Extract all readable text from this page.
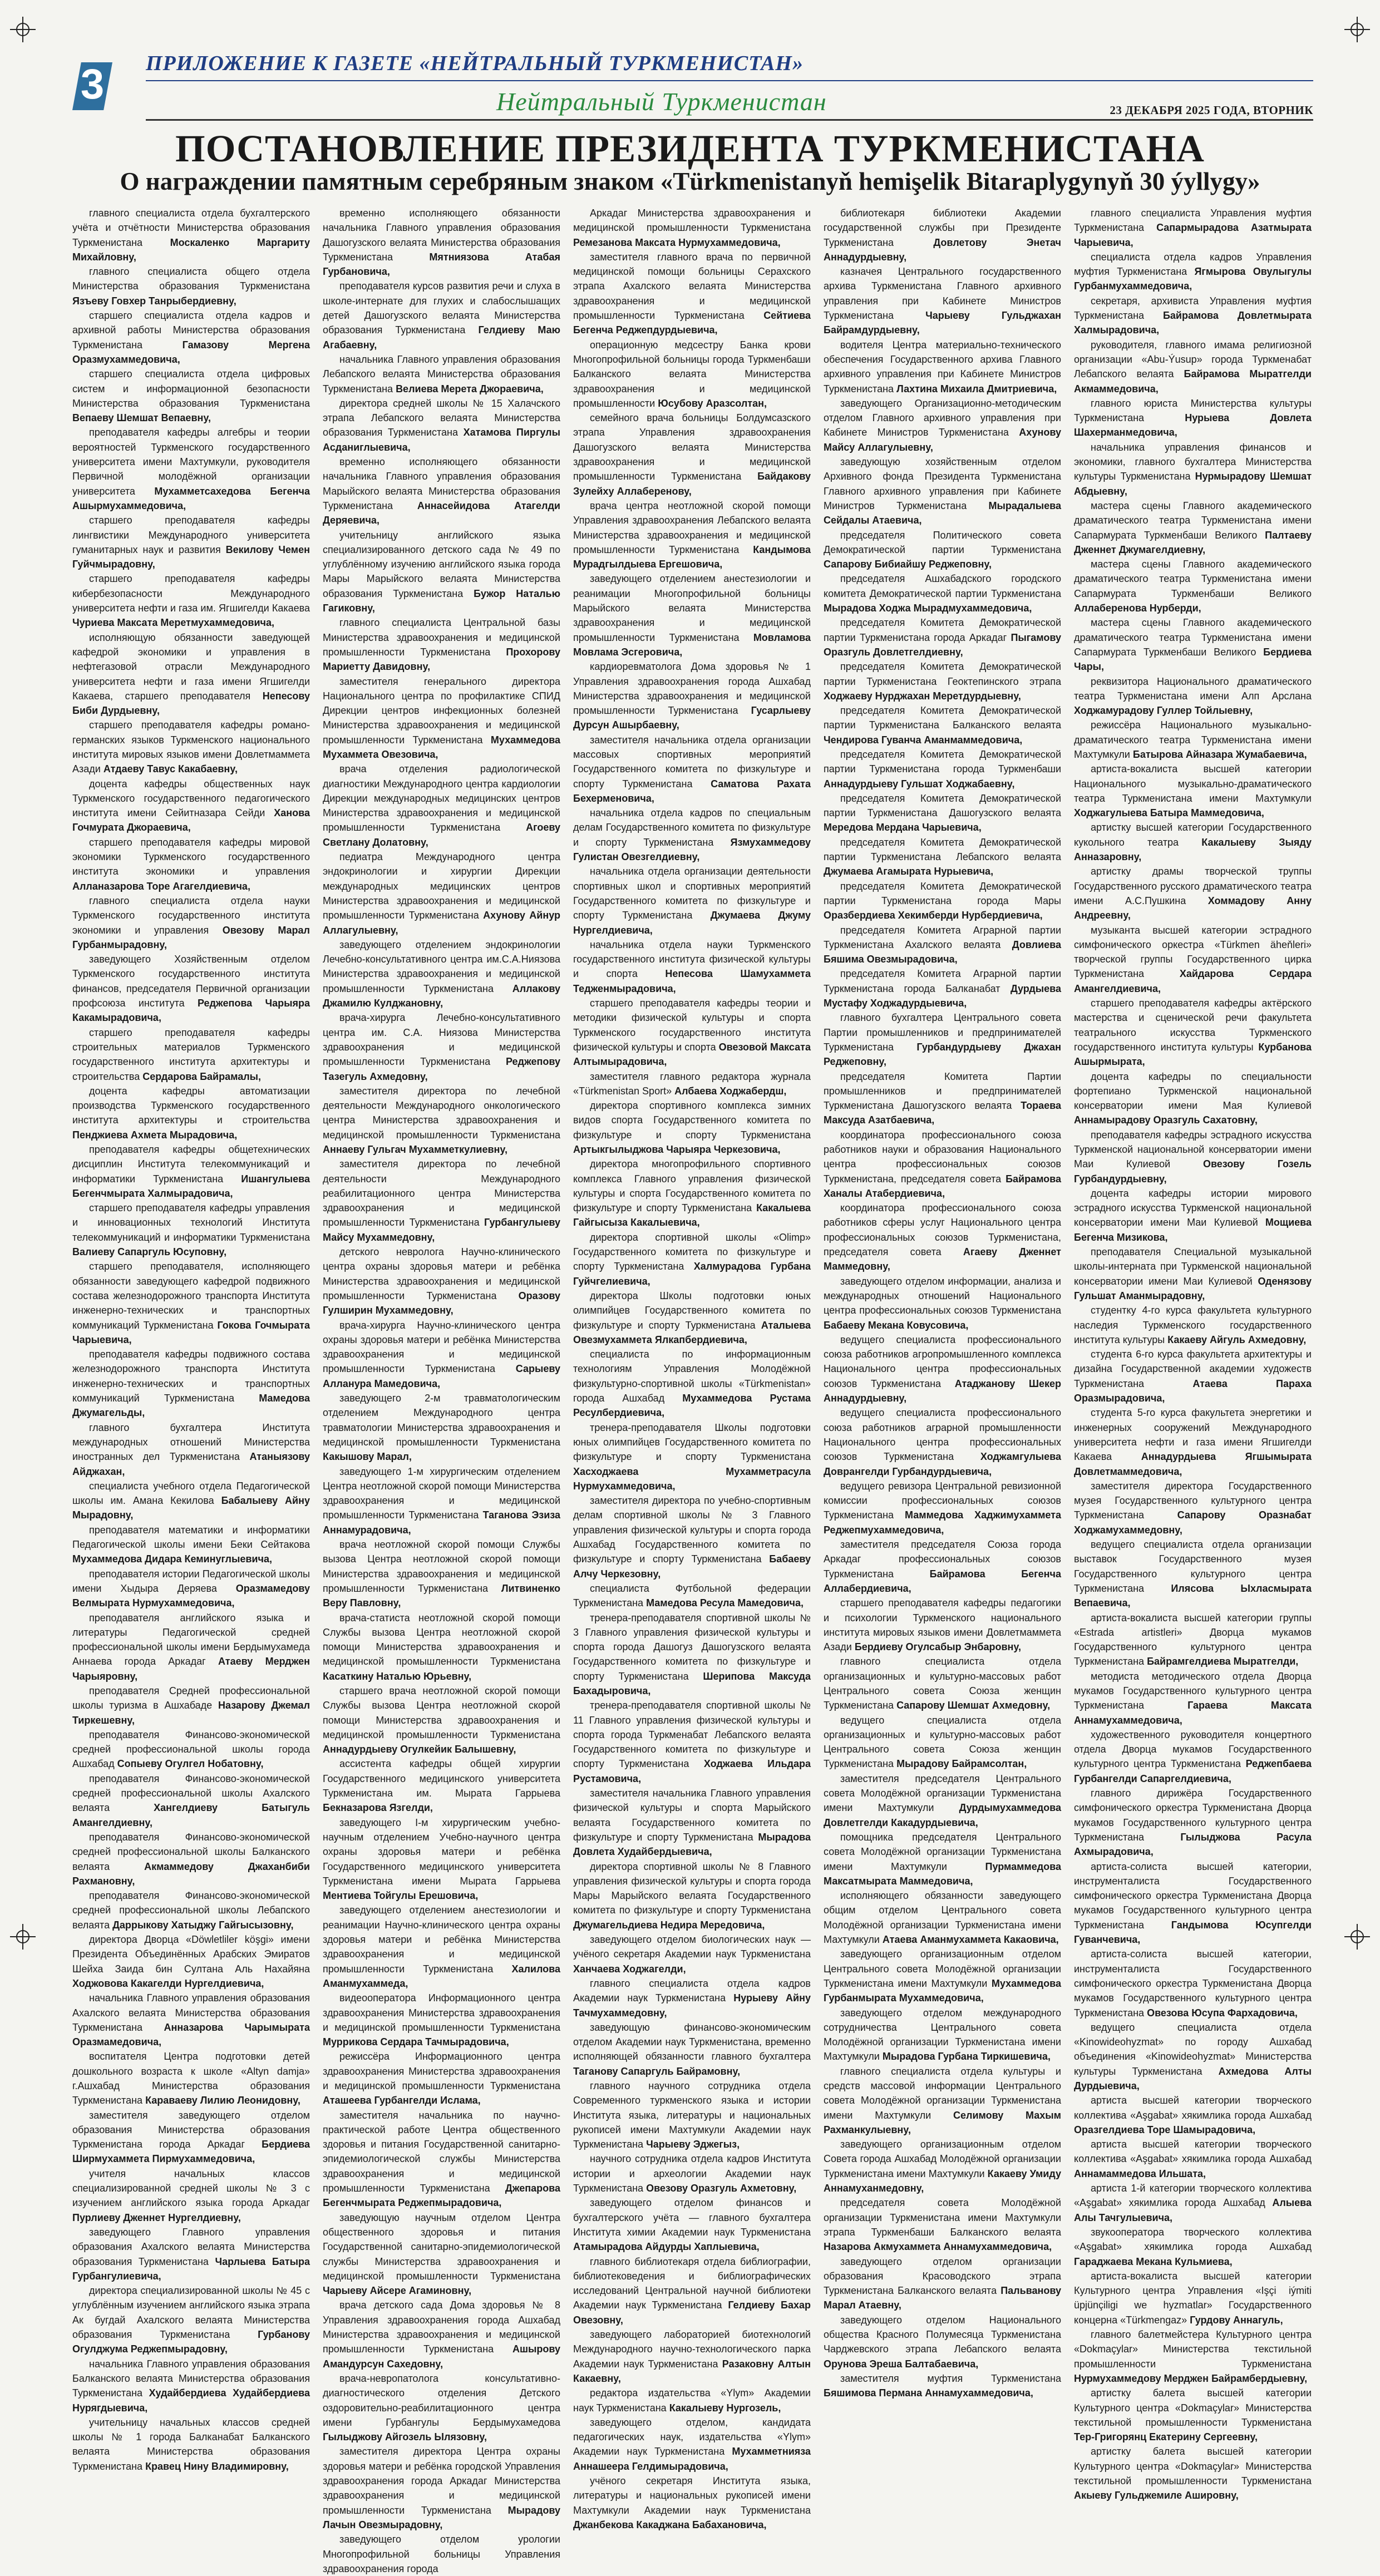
3	ПРИЛОЖЕНИЕ К ГАЗЕТЕ «НЕЙТРАЛЬНЫЙ ТУРКМЕНИСТАН»
Нейтральный Туркменистан	23 ДЕКАБРЯ 2025 ГОДА, ВТОРНИК
ПОСТАНОВЛЕНИЕ ПРЕЗИДЕНТА ТУРКМЕНИСТАНА
О награждении памятным серебряным знаком «Türkmenistanyň hemişelik Bitaraplygynyň 30 ýyllygy»

главного специалиста отдела бухгалтерского учёта и отчётности Министерства образования Туркменистана Москаленко Маргариту Михайловну,

главного специалиста общего отдела Министерства образования Туркменистана Язъеву Говхер Танрыбердиевну,

старшего специалиста отдела кадров и архивной работы Министерства образования Туркменистана Гамазову Мергена Оразмухаммедовича,

старшего специалиста отдела цифровых систем и информационной безопасности Министерства образования Туркменистана Вепаеву Шемшат Вепаевну,

преподавателя кафедры алгебры и теории вероятностей Туркменского государственного университета имени Махтумкули, руководителя Первичной молодёжной организации университета Мухамметсахедова Бегенча Ашырмухаммедовича,

старшего преподавателя кафедры лингвистики Международного университета гуманитарных наук и развития Векилову Чемен Гуйчмырадовну,

старшего преподавателя кафедры кибербезопасности Международного университета нефти и газа им. Ягшигелди Какаева Чуриева Максата Меретмухаммедовича,

исполняющую обязанности заведующей кафедрой экономики и управления в нефтегазовой отрасли Международного университета нефти и газа имени Ягшигелди Какаева, старшего преподавателя Непесову Биби Дурдыевну,

старшего преподавателя кафедры романо-германских языков Туркменского национального института мировых языков имени Довлетмаммета Азади Атдаеву Тавус Какабаевну,

доцента кафедры общественных наук Туркменского государственного педагогического института имени Сейитназара Сейди Ханова Гочмурата Джораевича,

старшего преподавателя кафедры мировой экономики Туркменского государственного института экономики и управления Алланазарова Торе Агагелдиевича,

главного специалиста отдела науки Туркменского государственного института экономики и управления Овезову Марал Гурбанмырадовну,

заведующего Хозяйственным отделом Туркменского государственного института финансов, председателя Первичной организации профсоюза института Реджепова Чарыяра Какамырадовича,

старшего преподавателя кафедры строительных материалов Туркменского государственного института архитектуры и строительства Сердарова Байрамалы,

доцента кафедры автоматизации производства Туркменского государственного института архитектуры и строительства Пенджиева Ахмета Мырадовича,

преподавателя кафедры общетехнических дисциплин Института телекоммуникаций и информатики Туркменистана Ишангулыева Бегенчмырата Халмырадовича,

старшего преподавателя кафедры управления и инновационных технологий Института телекоммуникаций и информатики Туркменистана Валиеву Сапаргуль Юсуповну,

старшего преподавателя, исполняющего обязанности заведующего кафедрой подвижного состава железнодорожного транспорта Института инженерно-технических и транспортных коммуникаций Туркменистана Гокова Гочмырата Чарыевича,

преподавателя кафедры подвижного состава железнодорожного транспорта Института инженерно-технических и транспортных коммуникаций Туркменистана Мамедова Джумагельды,

главного бухгалтера Института международных отношений Министерства иностранных дел Туркменистана Атаныязову Айджахан,

специалиста учебного отдела Педагогической школы им. Амана Кекилова Бабалыеву Айну Мырадовну,

преподавателя математики и информатики Педагогической школы имени Беки Сейтакова Мухаммедова Дидара Кеминуглыевича,

преподавателя истории Педагогической школы имени Хыдыра Деряева Оразмамедову Велмырата Нурмухаммедовича,

преподавателя английского языка и литературы Педагогической средней профессиональной школы имени Бердымухамеда Аннаева города Аркадаг Атаеву Мерджен Чарыяровну,

преподавателя Средней профессиональной школы туризма в Ашхабаде Назарову Джемал Тиркешевну,

преподавателя Финансово-экономической средней профессиональной школы города Ашхабад Сопыеву Огулгел Нобатовну,

преподавателя Финансово-экономической средней профессиональной школы Ахалского велаята Хангелдиеву Батыгуль Амангелдиевну,

преподавателя Финансово-экономической средней профессиональной школы Балканского велаята Акмаммедову Джаханбиби Рахмановну,

преподавателя Финансово-экономической средней профессиональной школы Лебапского велаята Даррыкову Хатыджу Гайгысызовну,

директора Дворца «Döwletliler köşgi» имени Президента Объединённых Арабских Эмиратов Шейха Заида бин Султана Аль Нахайяна Ходжовова Какагелди Нургелдиевича,

начальника Главного управления образования Ахалского велаята Министерства образования Туркменистана Анназарова Чарымырата Оразмамедовича,

воспитателя Центра подготовки детей дошкольного возраста к школе «Altyn damja» г.Ашхабад Министерства образования Туркменистана Караваеву Лилию Леонидовну,

заместителя заведующего отделом образования Министерства образования Туркменистана города Аркадаг Бердиева Ширмухаммета Пирмухаммедовича,

учителя начальных классов специализированной средней школы № 3 с изучением английского языка города Аркадаг Пурлиеву Дженнет Нургелдиевну,

заведующего Главного управления образования Ахалского велаята Министерства образования Туркменистана Чарлыева Батыра Гурбангулиевича,

директора специализированной школы № 45 с углублённым изучением английского языка этрапа Ак бугдай Ахалского велаята Министерства образования Туркменистана Гурбанову Огулджума Реджепмырадовну,

начальника Главного управления образования Балканского велаята Министерства образования Туркменистана Худайбердиева Худайбердиева Нурягдыевича,

учительницу начальных классов средней школы № 1 города Балканабат Балканского велаята Министерства образования Туркменистана Кравец Нину Владимировну,

временно исполняющего обязанности начальника Главного управления образования Дашогузского велаята Министерства образования Туркменистана Мятниязова Атабая Гурбановича,

преподавателя курсов развития речи и слуха в школе-интернате для глухих и слабослышащих детей Дашогузского велаята Министерства образования Туркменистана Гелдиеву Маю Агабаевну,

начальника Главного управления образования Лебапского велаята Министерства образования Туркменистана Велиева Мерета Джораевича,

директора средней школы № 15 Халачского этрапа Лебапского велаята Министерства образования Туркменистана Хатамова Пиргулы Асданиглыевича,

временно исполняющего обязанности начальника Главного управления образования Марыйского велаята Министерства образования Туркменистана Аннасейидова Атагелди Деряевича,

учительницу английского языка специализированного детского сада № 49 по углублённому изучению английского языка города Мары Марыйского велаята Министерства образования Туркменистана Бужор Наталью Гагиковну,

главного специалиста Центральной базы Министерства здравоохранения и медицинской промышленности Туркменистана Прохорову Мариетту Давидовну,

заместителя генерального директора Национального центра по профилактике СПИД Дирекции центров инфекционных болезней Министерства здравоохранения и медицинской промышленности Туркменистана Мухаммедова Мухаммета Овезовича,

врача отделения радиологической диагностики Международного центра кардиологии Дирекции международных медицинских центров Министерства здравоохранения и медицинской промышленности Туркменистана Агоеву Светлану Долатовну,

педиатра Международного центра эндокринологии и хирургии Дирекции международных медицинских центров Министерства здравоохранения и медицинской промышленности Туркменистана Ахунову Айнур Аллагулыевну,

заведующего отделением эндокринологии Лечебно-консультативного центра им.С.А.Ниязова Министерства здравоохранения и медицинской промышленности Туркменистана Аллакову Джамилю Кулджановну,

врача-хирурга Лечебно-консультативного центра им. С.А. Ниязова Министерства здравоохранения и медицинской промышленности Туркменистана Реджепову Тазегуль Ахмедовну,

заместителя директора по лечебной деятельности Международного онкологического центра Министерства здравоохранения и медицинской промышленности Туркменистана Аннаеву Гульгач Мухамметкулиевну,

заместителя директора по лечебной деятельности Международного реабилитационного центра Министерства здравоохранения и медицинской промышленности Туркменистана Гурбангулыеву Майсу Мухаммедовну,

детского невролога Научно-клинического центра охраны здоровья матери и ребёнка Министерства здравоохранения и медицинской промышленности Туркменистана Оразову Гулширин Мухаммедовну,

врача-хирурга Научно-клинического центра охраны здоровья матери и ребёнка Министерства здравоохранения и медицинской промышленности Туркменистана Сарыеву Алланура Мамедовича,

заведующего 2-м травматологическим отделением Международного центра травматологии Министерства здравоохранения и медицинской промышленности Туркменистана Какышову Марал,

заведующего 1-м хирургическим отделением Центра неотложной скорой помощи Министерства здравоохранения и медицинской промышленности Туркменистана Таганова Эзиза Аннамурадовича,

врача неотложной скорой помощи Службы вызова Центра неотложной скорой помощи Министерства здравоохранения и медицинской промышленности Туркменистана Литвиненко Веру Павловну,

врача-статиста неотложной скорой помощи Службы вызова Центра неотложной скорой помощи Министерства здравоохранения и медицинской промышленности Туркменистана Касаткину Наталью Юрьевну,

старшего врача неотложной скорой помощи Службы вызова Центра неотложной скорой помощи Министерства здравоохранения и медицинской промышленности Туркменистана Аннадурдыеву Огулкейик Балышевну,

ассистента кафедры общей хирургии Государственного медицинского университета Туркменистана им. Мырата Гаррыева Бекназарова Язгелди,

заведующего I-м хирургическим учебно-научным отделением Учебно-научного центра охраны здоровья матери и ребёнка Государственного медицинского университета Туркменистана имени Мырата Гаррыева Ментиева Тойгулы Ерешовича,

заведующего отделением анестезиологии и реанимации Научно-клинического центра охраны здоровья матери и ребёнка Министерства здравоохранения и медицинской промышленности Туркменистана Халилова Аманмухаммеда,

видеооператора Информационного центра здравоохранения Министерства здравоохранения и медицинской промышленности Туркменистана Муррикова Сердара Тачмырадовича,

режиссёра Информационного центра здравоохранения Министерства здравоохранения и медицинской промышленности Туркменистана Аташеева Гурбангелди Ислама,

заместителя начальника по научно-практической работе Центра общественного здоровья и питания Государственной санитарно-эпидемиологической службы Министерства здравоохранения и медицинской промышленности Туркменистана Джепарова Бегенчмырата Реджепмырадовича,

заведующую научным отделом Центра общественного здоровья и питания Государственной санитарно-эпидемиологической службы Министерства здравоохранения и медицинской промышленности Туркменистана Чарыеву Айсере Агаминовну,

врача детского сада Дома здоровья № 8 Управления здравоохранения города Ашхабад Министерства здравоохранения и медицинской промышленности Туркменистана Ашырову Амандурсун Сахедовну,

врача-невропатолога консультативно-диагностического отделения Детского оздоровительно-реабилитационного центра имени Гурбангулы Бердымухамедова Гылыджову Айгозель Ылязовну,

заместителя директора Центра охраны здоровья матери и ребёнка городской Управления здравоохранения города Аркадаг Министерства здравоохранения и медицинской промышленности Туркменистана Мырадову Лачын Овезмырадовну,

заведующего отделом урологии Многопрофильной больницы Управления здравоохранения города

Аркадаг Министерства здравоохранения и медицинской промышленности Туркменистана Ремезанова Максата Нурмухаммедовича,

заместителя главного врача по первичной медицинской помощи больницы Серахского этрапа Ахалского велаята Министерства здравоохранения и медицинской промышленности Туркменистана Сейтиева Бегенча Реджепдурдыевича,

операционную медсестру Банка крови Многопрофильной больницы города Туркменбаши Балканского велаята Министерства здравоохранения и медицинской промышленности Юсубову Аразсолтан,

семейного врача больницы Болдумсазского этрапа Управления здравоохранения Дашогузского велаята Министерства здравоохранения и медицинской промышленности Туркменистана Байдакову Зулейху Аллаберенову,

врача центра неотложной скорой помощи Управления здравоохранения Лебапского велаята Министерства здравоохранения и медицинской промышленности Туркменистана Кандымова Мурадгылдыева Ергешовича,

заведующего отделением анестезиологии и реанимации Многопрофильной больницы Марыйского велаята Министерства здравоохранения и медицинской промышленности Туркменистана Мовламова Мовлама Эсгеровича,

кардиоревматолога Дома здоровья № 1 Управления здравоохранения города Ашхабад Министерства здравоохранения и медицинской промышленности Туркменистана Гусарлыеву Дурсун Ашырбаевну,

заместителя начальника отдела организации массовых спортивных мероприятий Государственного комитета по физкультуре и спорту Туркменистана Саматова Рахата Бехерменовича,

начальника отдела кадров по специальным делам Государственного комитета по физкультуре и спорту Туркменистана Язмухаммедову Гулистан Овезгелдиевну,

начальника отдела организации деятельности спортивных школ и спортивных мероприятий Государственного комитета по физкультуре и спорту Туркменистана Джумаева Джуму Нургелдиевича,

начальника отдела науки Туркменского государственного института физической культуры и спорта Непесова Шамухаммета Тедженмырадовича,

старшего преподавателя кафедры теории и методики физической культуры и спорта Туркменского государственного института физической культуры и спорта Овезовой Максата Алтымырадовича,

заместителя главного редактора журнала «Türkmenistan Sport» Албаева Ходжабердш,

директора спортивного комплекса зимних видов спорта Государственного комитета по физкультуре и спорту Туркменистана Артыкгылыджова Чарыяра Черкезовича,

директора многопрофильного спортивного комплекса Главного управления физической культуры и спорта Государственного комитета по физкультуре и спорту Туркменистана Какалыева Гайгысыза Какалыевича,

директора спортивной школы «Olimp» Государственного комитета по физкультуре и спорту Туркменистана Халмурадова Гурбана Гуйчгелиевича,

директора Школы подготовки юных олимпийцев Государственного комитета по физкультуре и спорту Туркменистана Аталыева Овезмухаммета Ялкапбердиевича,

специалиста по информационным технологиям Управления Молодёжной физкультурно-спортивной школы «Türkmenistan» города Ашхабад Мухаммедова Рустама Ресулбердиевича,

тренера-преподавателя Школы подготовки юных олимпийцев Государственного комитета по физкультуре и спорту Туркменистана Хасходжаева Мухамметрасула Нурмухаммедовича,

заместителя директора по учебно-спортивным делам спортивной школы № 3 Главного управления физической культуры и спорта города Ашхабад Государственного комитета по физкультуре и спорту Туркменистана Бабаеву Алчу Черкезовну,

специалиста Футбольной федерации Туркменистана Мамедова Ресула Мамедовича,

тренера-преподавателя спортивной школы № 3 Главного управления физической культуры и спорта города Дашогуз Дашогузского велаята Государственного комитета по физкультуре и спорту Туркменистана Шерипова Максуда Бахадыровича,

тренера-преподавателя спортивной школы № 11 Главного управления физической культуры и спорта города Туркменабат Лебапского велаята Государственного комитета по физкультуре и спорту Туркменистана Ходжаева Ильдара Рустамовича,

заместителя начальника Главного управления физической культуры и спорта Марыйского велаята Государственного комитета по физкультуре и спорту Туркменистана Мырадова Довлета Худайбердыевича,

директора спортивной школы № 8 Главного управления физической культуры и спорта города Мары Марыйского велаята Государственного комитета по физкультуре и спорту Туркменистана Джумагельдиева Недира Мередовича,

заведующего отделом биологических наук — учёного секретаря Академии наук Туркменистана Ханчаева Ходжагелди,

главного специалиста отдела кадров Академии наук Туркменистана Нурыеву Айну Тачмухаммедовну,

заведующую финансово-экономическим отделом Академии наук Туркменистана, временно исполняющей обязанности главного бухгалтера Таганову Сапаргуль Байрамовну,

главного научного сотрудника отдела Современного туркменского языка и истории Института языка, литературы и национальных рукописей имени Махтумкули Академии наук Туркменистана Чарыеву Эджегыз,

научного сотрудника отдела кадров Института истории и археологии Академии наук Туркменистана Овезову Оразгуль Ахметовну,

заведующего отделом финансов и бухгалтерского учёта — главного бухгалтера Института химии Академии наук Туркменистана Атамырадова Айдурды Хаплыевича,

главного библиотекаря отдела библиографии, библиотековедения и библиографических исследований Центральной научной библиотеки Академии наук Туркменистана Гелдиеву Бахар Овезовну,

заведующего лабораторией биотехнологий Международного научно-технологического парка Академии наук Туркменистана Разаковну Алтын Какаевну,

редактора издательства «Ylym» Академии наук Туркменистана Какалыеву Нургозель,

заведующего отделом, кандидата педагогических наук, издательства «Ylym» Академии наук Туркменистана Мухамметнияза Аннашеера Гелдимырадовича,

учёного секретаря Института языка, литературы и национальных рукописей имени Махтумкули Академии наук Туркменистана Джанбекова Какаджана Бабахановича,

библиотекаря библиотеки Академии государственной службы при Президенте Туркменистана Довлетову Энетач Аннадурдыевну,

казначея Центрального государственного архива Туркменистана Главного архивного управления при Кабинете Министров Туркменистана Чарыеву Гульджахан Байрамдурдыевну,

водителя Центра материально-технического обеспечения Государственного архива Главного архивного управления при Кабинете Министров Туркменистана Лахтина Михаила Дмитриевича,

заведующего Организационно-методическим отделом Главного архивного управления при Кабинете Министров Туркменистана Ахунову Майсу Аллагулыевну,

заведующую хозяйственным отделом Архивного фонда Президента Туркменистана Главного архивного управления при Кабинете Министров Туркменистана Мырадалыева Сейдалы Атаевича,

председателя Политического совета Демократической партии Туркменистана Сапарову Бибиайшу Реджеповну,

председателя Ашхабадского городского комитета Демократической партии Туркменистана Мырадова Ходжа Мырадмухаммедовича,

председателя Комитета Демократической партии Туркменистана города Аркадаг Пыгамову Оразгуль Довлетгелдиевну,

председателя Комитета Демократической партии Туркменистана Геоктепинского этрапа Ходжаеву Нурджахан Меретдурдыевну,

председателя Комитета Демократической партии Туркменистана Балканского велаята Чендирова Гуванча Аманмаммедовича,

председателя Комитета Демократической партии Туркменистана города Туркменбаши Аннадурдыеву Гульшат Ходжабаевну,

председателя Комитета Демократической партии Туркменистана Дашогузского велаята Мередова Мердана Чарыевича,

председателя Комитета Демократической партии Туркменистана Лебапского велаята Джумаева Агамырата Нурыевича,

председателя Комитета Демократической партии Туркменистана города Мары Оразбердиева Хекимберди Нурбердиевича,

председателя Комитета Аграрной партии Туркменистана Ахалского велаята Довлиева Бяшима Овезмырадовича,

председателя Комитета Аграрной партии Туркменистана города Балканабат Дурдыева Мустафу Ходжадурдыевича,

главного бухгалтера Центрального совета Партии промышленников и предпринимателей Туркменистана Гурбандурдыеву Джахан Реджеповну,

председателя Комитета Партии промышленников и предпринимателей Туркменистана Дашогузского велаята Тораева Максуда Азатбаевича,

координатора профессионального союза работников науки и образования Национального центра профессиональных союзов Туркменистана, председателя совета Байрамова Ханалы Атабердиевича,

координатора профессионального союза работников сферы услуг Национального центра профессиональных союзов Туркменистана, председателя совета Агаеву Дженнет Маммедовну,

заведующего отделом информации, анализа и международных отношений Национального центра профессиональных союзов Туркменистана Бабаеву Мекана Ковусовича,

ведущего специалиста профессионального союза работников агропромышленного комплекса Национального центра профессиональных союзов Туркменистана Атаджанову Шекер Аннадурдыевну,

ведущего специалиста профессионального союза работников аграрной промышленности Национального центра профессиональных союзов Туркменистана Ходжамгулыева Доврангелди Гурбандурдыевича,

ведущего ревизора Центральной ревизионной комиссии профессиональных союзов Туркменистана Маммедова Хаджимухаммета Реджепмухаммедовича,

заместителя председателя Союза города Аркадаг профессиональных союзов Туркменистана Байрамова Бегенча Аллабердиевича,

старшего преподавателя кафедры педагогики и психологии Туркменского национального института мировых языков имени Довлетмаммета Азади Бердиеву Огулсабыр Энбаровну,

главного специалиста отдела организационных и культурно-массовых работ Центрального совета Союза женщин Туркменистана Сапарову Шемшат Ахмедовну,

ведущего специалиста отдела организационных и культурно-массовых работ Центрального совета Союза женщин Туркменистана Мырадову Байрамсолтан,

заместителя председателя Центрального совета Молодёжной организации Туркменистана имени Махтумкули Дурдымухаммедова Довлетгелди Какадурдыевича,

помощника председателя Центрального совета Молодёжной организации Туркменистана имени Махтумкули Пурмаммедова Максатмырата Маммедовича,

исполняющего обязанности заведующего общим отделом Центрального совета Молодёжной организации Туркменистана имени Махтумкули Атаева Аманмухаммета Какаовича,

заведующего организационным отделом Центрального совета Молодёжной организации Туркменистана имени Махтумкули Мухаммедова Гурбанмырата Мухаммедовича,

заведующего отделом международного сотрудничества Центрального совета Молодёжной организации Туркменистана имени Махтумкули Мырадова Гурбана Тиркишевича,

главного специалиста отдела культуры и средств массовой информации Центрального совета Молодёжной организации Туркменистана имени Махтумкули Селимову Махым Рахманкулыевну,

заведующего организационным отделом Совета города Ашхабад Молодёжной организации Туркменистана имени Махтумкули Какаеву Умиду Аннамуханмедовну,

председателя совета Молодёжной организации Туркменистана имени Махтумкули этрапа Туркменбаши Балканского велаята Назарова Акмухаммета Аннамухаммедовича,

заведующего отделом организации образования Красоводского этрапа Туркменистана Балканского велаята Пальванову Марал Атаевну,

заведующего отделом Национального общества Красного Полумесяца Туркменистана Чарджевского этрапа Лебапского велаята Орунова Эреша Балтабаевича,

заместителя муфтия Туркменистана Бяшимова Пермана Аннамухаммедовича,

главного специалиста Управления муфтия Туркменистана Сапармырадова Азатмырата Чарыевича,

специалиста отдела кадров Управления муфтия Туркменистана Ягмырова Овулыгулы Гурбанмухаммедовича,

секретаря, архивиста Управления муфтия Туркменистана Байрамова Довлетмырата Халмырадовича,

руководителя, главного имама религиозной организации «Abu-Ýusup» города Туркменабат Лебапского велаята Байрамова Мыратгелди Акмаммедовича,

главного юриста Министерства культуры Туркменистана Нурыева Довлета Шахерманмедовича,

начальника управления финансов и экономики, главного бухгалтера Министерства культуры Туркменистана Нурмырадову Шемшат Абдыевну,

мастера сцены Главного академического драматического театра Туркменистана имени Сапармурата Туркменбаши Великого Палтаеву Дженнет Джумагелдиевну,

мастера сцены Главного академического драматического театра Туркменистана имени Сапармурата Туркменбаши Великого Аллаберенова Нурберди,

мастера сцены Главного академического драматического театра Туркменистана имени Сапармурата Туркменбаши Великого Бердиева Чары,

реквизитора Национального драматического театра Туркменистана имени Алп Арслана Ходжамурадову Гуллер Тойлыевну,

режиссёра Национального музыкально-драматического театра Туркменистана имени Махтумкули Батырова Айназара Жумабаевича,

артиста-вокалиста высшей категории Национального музыкально-драматического театра Туркменистана имени Махтумкули Ходжагулыева Батыра Маммедовича,

артистку высшей категории Государственного кукольного театра Какалыеву Зыяду Анназаровну,

артистку драмы творческой труппы Государственного русского драматического театра имени А.С.Пушкина Хоммадову Анну Андреевну,

музыканта высшей категории эстрадного симфонического оркестра «Türkmen äheňleri» творческой группы Государственного цирка Туркменистана Хайдарова Сердара Амангелдиевича,

старшего преподавателя кафедры актёрского мастерства и сценической речи факультета театрального искусства Туркменского государственного института культуры Курбанова Ашырмырата,

доцента кафедры по специальности фортепиано Туркменской национальной консерватории имени Мая Кулиевой Аннамырадову Оразгуль Сахатовну,

преподавателя кафедры эстрадного искусства Туркменской национальной консерватории имени Маи Кулиевой Овезову Гозель Гурбандурдыевну,

доцента кафедры истории мирового эстрадного искусства Туркменской национальной консерватории имени Маи Кулиевой Мощиева Бегенча Мизикова,

преподавателя Специальной музыкальной школы-интерната при Туркменской национальной консерватории имени Маи Кулиевой Оденязову Гульшат Аманмырадовну,

студентку 4-го курса факультета культурного наследия Туркменского государственного института культуры Какаеву Айгуль Ахмедовну,

студента 6-го курса факультета архитектуры и дизайна Государственной академии художеств Туркменистана Атаева Параха Оразмырадовича,

студента 5-го курса факультета энергетики и инженерных сооружений Международного университета нефти и газа имени Ягшигелди Какаева Аннадурдыева Ягшымырата Довлетмаммедовича,

заместителя директора Государственного музея Государственного культурного центра Туркменистана Сапарову Оразнабат Ходжамухаммедовну,

ведущего специалиста отдела организации выставок Государственного музея Государственного культурного центра Туркменистана Илясова Ыхласмырата Вепаевича,

артиста-вокалиста высшей категории группы «Estrada artistleri» Дворца мукамов Государственного культурного центра Туркменистана Байрамгелдиева Мыратгелди,

методиста методического отдела Дворца мукамов Государственного культурного центра Туркменистана Гараева Максата Аннамухаммедовича,

художественного руководителя концертного отдела Дворца мукамов Государственного культурного центра Туркменистана Реджепбаева Гурбангелди Сапаргелдиевича,

главного дирижёра Государственного симфонического оркестра Туркменистана Дворца мукамов Государственного культурного центра Туркменистана Гылыджова Расула Ахмырадовича,

артиста-солиста высшей категории, инструменталиста Государственного симфонического оркестра Туркменистана Дворца мукамов Государственного культурного центра Туркменистана Гандымова Юсупгелди Гуванчевича,

артиста-солиста высшей категории, инструменталиста Государственного симфонического оркестра Туркменистана Дворца мукамов Государственного культурного центра Туркменистана Овезова Юсупа Фархадовича,

ведущего специалиста отдела «Kinowideohyzmat» по городу Ашхабад объединения «Kinowideohyzmat» Министерства культуры Туркменистана Ахмедова Алты Дурдыевича,

артиста высшей категории творческого коллектива «Aşgabat» хякимлика города Ашхабад Оразгелдиева Торе Шамырадовича,

артиста высшей категории творческого коллектива «Aşgabat» хякимлика города Ашхабад Аннамаммедова Ильшата,

артиста 1-й категории творческого коллектива «Aşgabat» хякимлика города Ашхабад Алыева Алы Тачгулыевича,

звукооператора творческого коллектива «Aşgabat» хякимлика города Ашхабад Гараджаева Мекана Кульмиева,

артиста-вокалиста высшей категории Культурного центра Управления «Işçi iýmiti üpjünçiligi we hyzmatlar» Государственного концерна «Türkmengaz» Гурдову Аннагуль,

главного балетмейстера Культурного центра «Dokmaçylar» Министерства текстильной промышленности Туркменистана Нурмухаммедову Мерджен Байрамбердыевну,

артистку балета высшей категории Культурного центра «Dokmaçylar» Министерства текстильной промышленности Туркменистана Тер-Григорянц Екатерину Сергеевну,

артистку балета высшей категории Культурного центра «Dokmaçylar» Министерства текстильной промышленности Туркменистана Акыеву Гульджемиле Ашировну,
